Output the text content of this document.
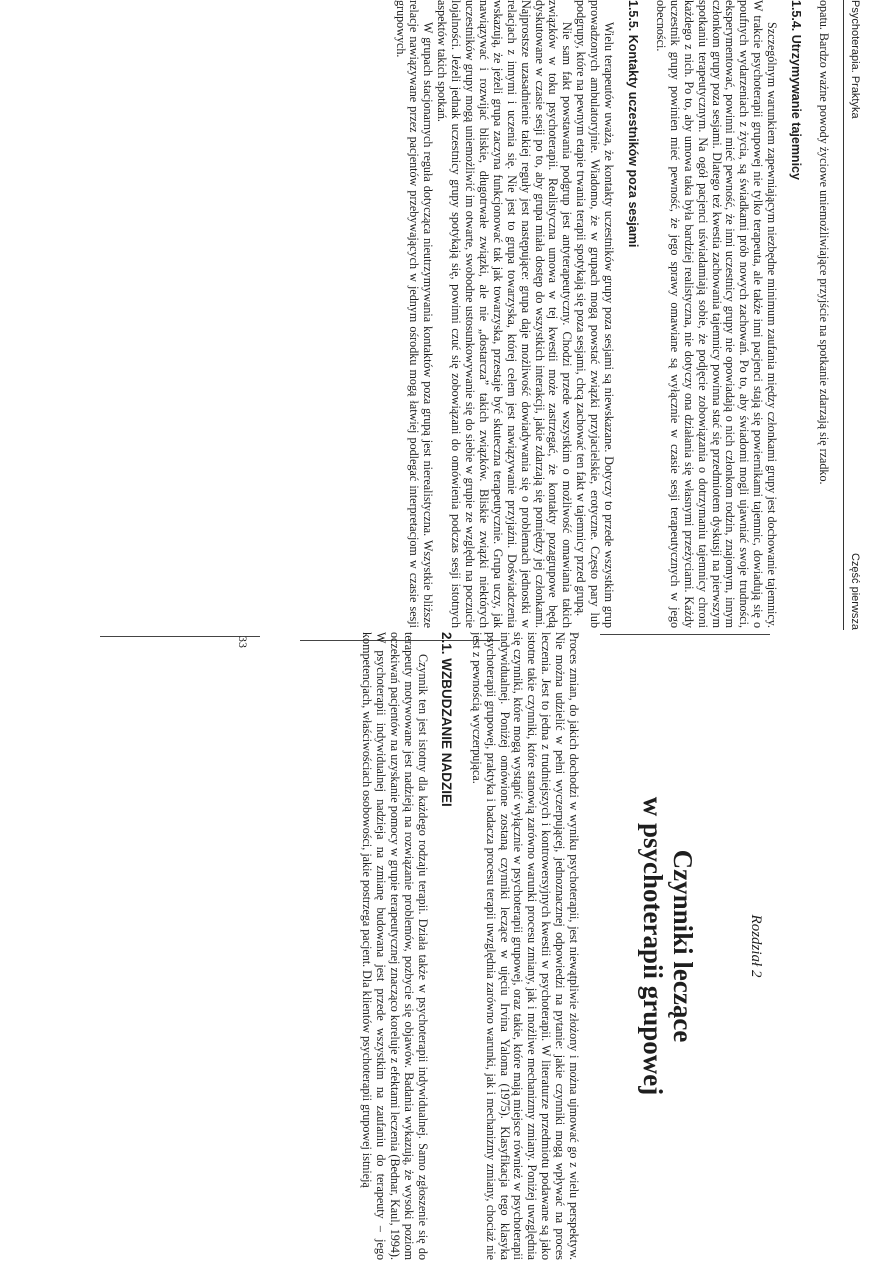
Psychoterapia. Praktyka
Część pierwsza

opatu. Bardzo ważne powody życiowe uniemożliwiające przyjście na spotkanie zdarzają się rzadko.

1.5.4. Utrzymywanie tajemnicy

Szczególnym warunkiem zapewniającym niezbędne minimum zaufania między członkami grupy jest dochowanie tajemnicy. W trakcie psychoterapii grupowej nie tylko terapeuta, ale także inni pacjenci stają się powiernikami tajemnic, dowiadują się o poufnych wydarzeniach z życia, są świadkami prób nowych zachowań. Po to, aby świadomi mogli ujawniać swoje trudności, eksperymentować, powinni mieć pewność, że inni uczestnicy grupy nie opowiadają o nich członkom rodzin, znajomym, innym członkom grupy poza sesjami. Dlatego też kwestia zachowania tajemnicy powinna stać się przedmiotem dyskusji na pierwszym spotkaniu terapeutycznym. Na ogół pacjenci uświadamiają sobie, że podjęcie zobowiązania o dotrzymaniu tajemnicy chroni każdego z nich. Po to, aby umowa taka była bardziej realistyczna, nie dotyczy ona działania się własnymi przeżyciami. Każdy uczestnik grupy powinien mieć pewność, że jego sprawy omawiane są wyłącznie w czasie sesji terapeutycznych w jego obecności.

1.5.5. Kontakty uczestników poza sesjami

Wielu terapeutów uważa, że kontakty uczestników grupy poza sesjami są niewskazane. Dotyczy to przede wszystkim grup prowadzonych ambulatoryjnie. Wiadomo, że w grupach mogą powstać związki przyjacielskie, erotyczne. Często pary lub podgrupy, które na pewnym etapie trwania terapii spotykają się poza sesjami, chcą zachować ten fakt w tajemnicy przed grupą.

Nie sam fakt powstawania podgrup jest antyterapeutyczny. Chodzi przede wszystkim o możliwość omawiania takich związków w toku psychoterapii. Realistyczna umowa w tej kwestii może zastrzegać, że kontakty pozagrupowe będą dyskutowane w czasie sesji po to, aby grupa miała dostęp do wszystkich interakcji, jakie zdarzają się pomiędzy jej członkami. Najprostsze uzasadnienie takiej reguły jest następujące: grupa daje możliwość dowiadywania się o problemach jednostki w relacjach z innymi i uczenia się. Nie jest to grupa towarzyska, której celem jest nawiązywanie przyjaźni. Doświadczenia wskazują, że jeżeli grupa zaczyna funkcjonować tak jak towarzyska, przestaje być skuteczna terapeutycznie. Grupa uczy, jak nawiązywać i rozwijać bliskie, długotrwałe związki, ale nie „dostarcza” takich związków. Bliskie związki niektórych uczestników grupy mogą uniemożliwić im otwarte, swobodne ustosunkowywanie się do siebie w grupie ze względu na poczucie lojalności. Jeżeli jednak uczestnicy grupy spotykają się, powinni czuć się zobowiązani do omówienia podczas sesji istotnych aspektów takich spotkań.

W grupach stacjonarnych reguła dotycząca nieutrzymywania kontaktów poza grupą jest nierealistyczna. Wszystkie bliższe relacje nawiązywane przez pacjentów przebywających w jednym ośrodku mogą łatwiej podlegać interpretacjom w czasie sesji grupowych.

Rozdział 2
Czynniki leczące
w psychoterapii grupowej

Proces zmian, do jakich dochodzi w wyniku psychoterapii, jest niewątpliwie złożony i można ujmować go z wielu perspektyw. Nie można udzielić w pełni wyczerpującej, jednoznacznej odpowiedzi na pytanie: jakie czynniki mogą wpływać na proces leczenia. Jest to jedna z trudniejszych i kontrowersyjnych kwestii w psychoterapii. W literaturze przedmiotu podawane są jako istotne takie czynniki, które stanowią zarówno warunki procesu zmiany, jak i możliwe mechanizmy zmiany. Poniżej uwzględnia się czynniki, które mogą wystąpić wyłącznie w psychoterapii grupowej, oraz takie, które mają miejsce również w psychoterapii indywidualnej. Poniżej omówione zostaną czynniki leczące w ujęciu Irvina Yaloma (1975). Klasyfikacja tego klasyka psychoterapii grupowej, praktyka i badacza procesu terapii uwzględnia zarówno warunki, jak i mechanizmy zmiany, chociaż nie jest z pewnością wyczerpująca.

2.1. WZBUDZANIE NADZIEI

Czynnik ten jest istotny dla każdego rodzaju terapii. Działa także w psychoterapii indywidualnej. Samo zgłoszenie się do terapeuty motywowane jest nadzieją na rozwiązanie problemów, pozbycie się objawów. Badania wykazują, że wysoki poziom oczekiwań pacjentów na uzyskanie pomocy w grupie terapeutycznej znacząco koreluje z efektami leczenia (Bednar, Kaul, 1994). W psychoterapii indywidualnej nadzieja na zmianę budowana jest przede wszystkim na zaufaniu do terapeuty – jego kompetencjach, właściwościach osobowości, jakie postrzega pacjent. Dla klientów psychoterapii grupowej istnieją

33
